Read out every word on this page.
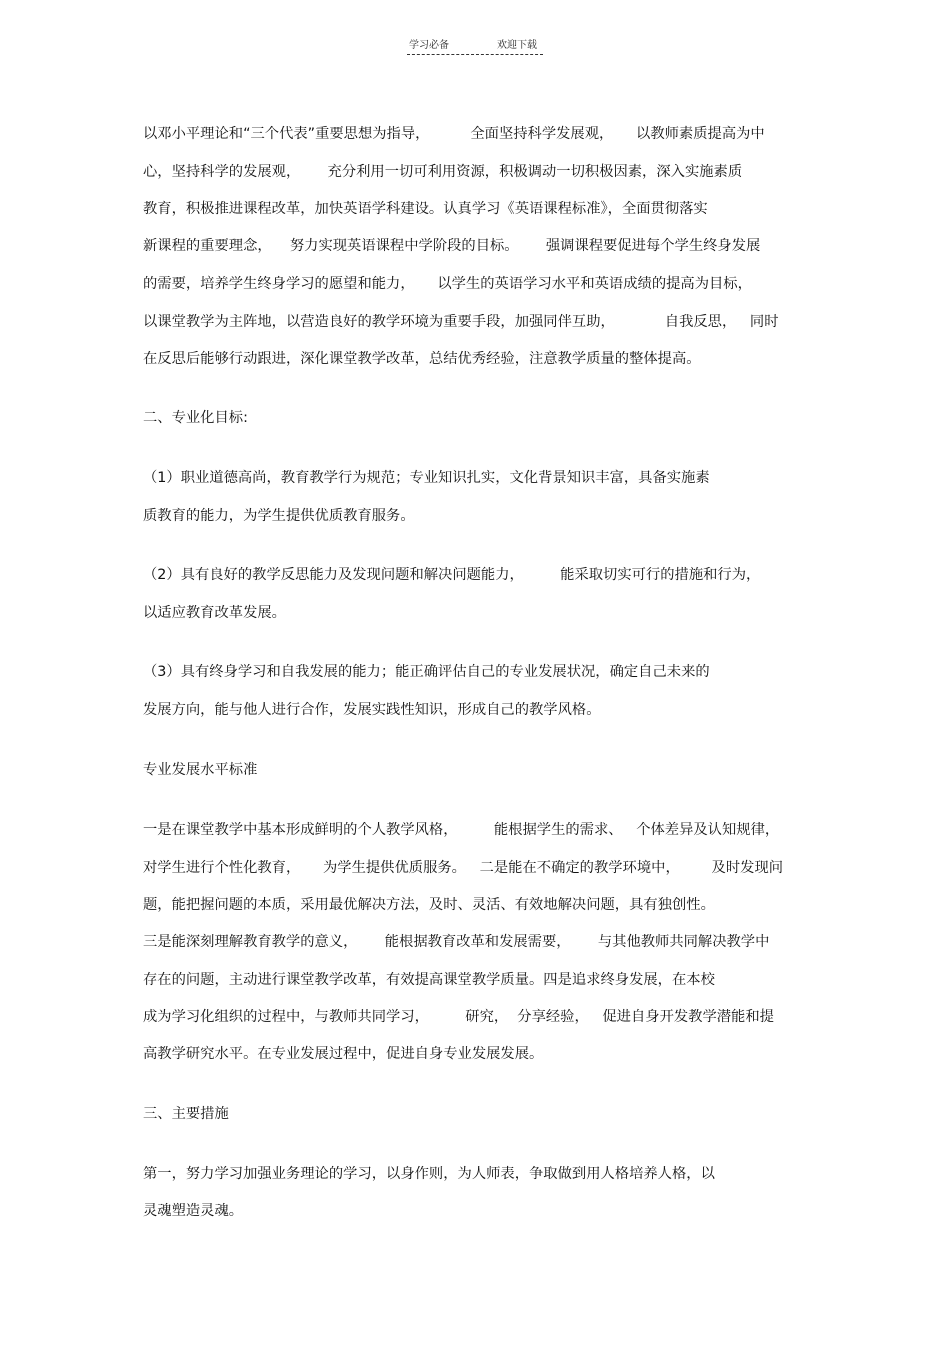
学习必备	欢迎下载
以邓小平理论和“三个代表”重要思想为指导，         全面坚持科学发展观，     以教师素质提高为中
心，坚持科学的发展观，      充分利用一切可利用资源，积极调动一切积极因素，深入实施素质
教育，积极推进课程改革，加快英语学科建设。认真学习《英语课程标准》，全面贯彻落实
新课程的重要理念，    努力实现英语课程中学阶段的目标。      强调课程要促进每个学生终身发展
的需要，培养学生终身学习的愿望和能力，     以学生的英语学习水平和英语成绩的提高为目标，
以课堂教学为主阵地，以营造良好的教学环境为重要手段，加强同伴互助，           自我反思，   同时
在反思后能够行动跟进，深化课堂教学改革，总结优秀经验，注意教学质量的整体提高。
二、专业化目标:
（1）职业道德高尚，教育教学行为规范；专业知识扎实，文化背景知识丰富，具备实施素
质教育的能力，为学生提供优质教育服务。
（2）具有良好的教学反思能力及发现问题和解决问题能力，        能采取切实可行的措施和行为，
以适应教育改革发展。
（3）具有终身学习和自我发展的能力；能正确评估自己的专业发展状况，确定自己未来的
发展方向，能与他人进行合作，发展实践性知识，形成自己的教学风格。
专业发展水平标准
一是在课堂教学中基本形成鲜明的个人教学风格，        能根据学生的需求、   个体差异及认知规律，
对学生进行个性化教育，     为学生提供优质服务。   二是能在不确定的教学环境中，       及时发现问
题，能把握问题的本质，采用最优解决方法，及时、灵活、有效地解决问题，具有独创性。
三是能深刻理解教育教学的意义，      能根据教育改革和发展需要，      与其他教师共同解决教学中
存在的问题，主动进行课堂教学改革，有效提高课堂教学质量。四是追求终身发展，在本校
成为学习化组织的过程中，与教师共同学习，        研究，  分享经验，   促进自身开发教学潜能和提
高教学研究水平。在专业发展过程中，促进自身专业发展发展。
三、主要措施
第一，努力学习加强业务理论的学习，以身作则，为人师表，争取做到用人格培养人格，以
灵魂塑造灵魂。
